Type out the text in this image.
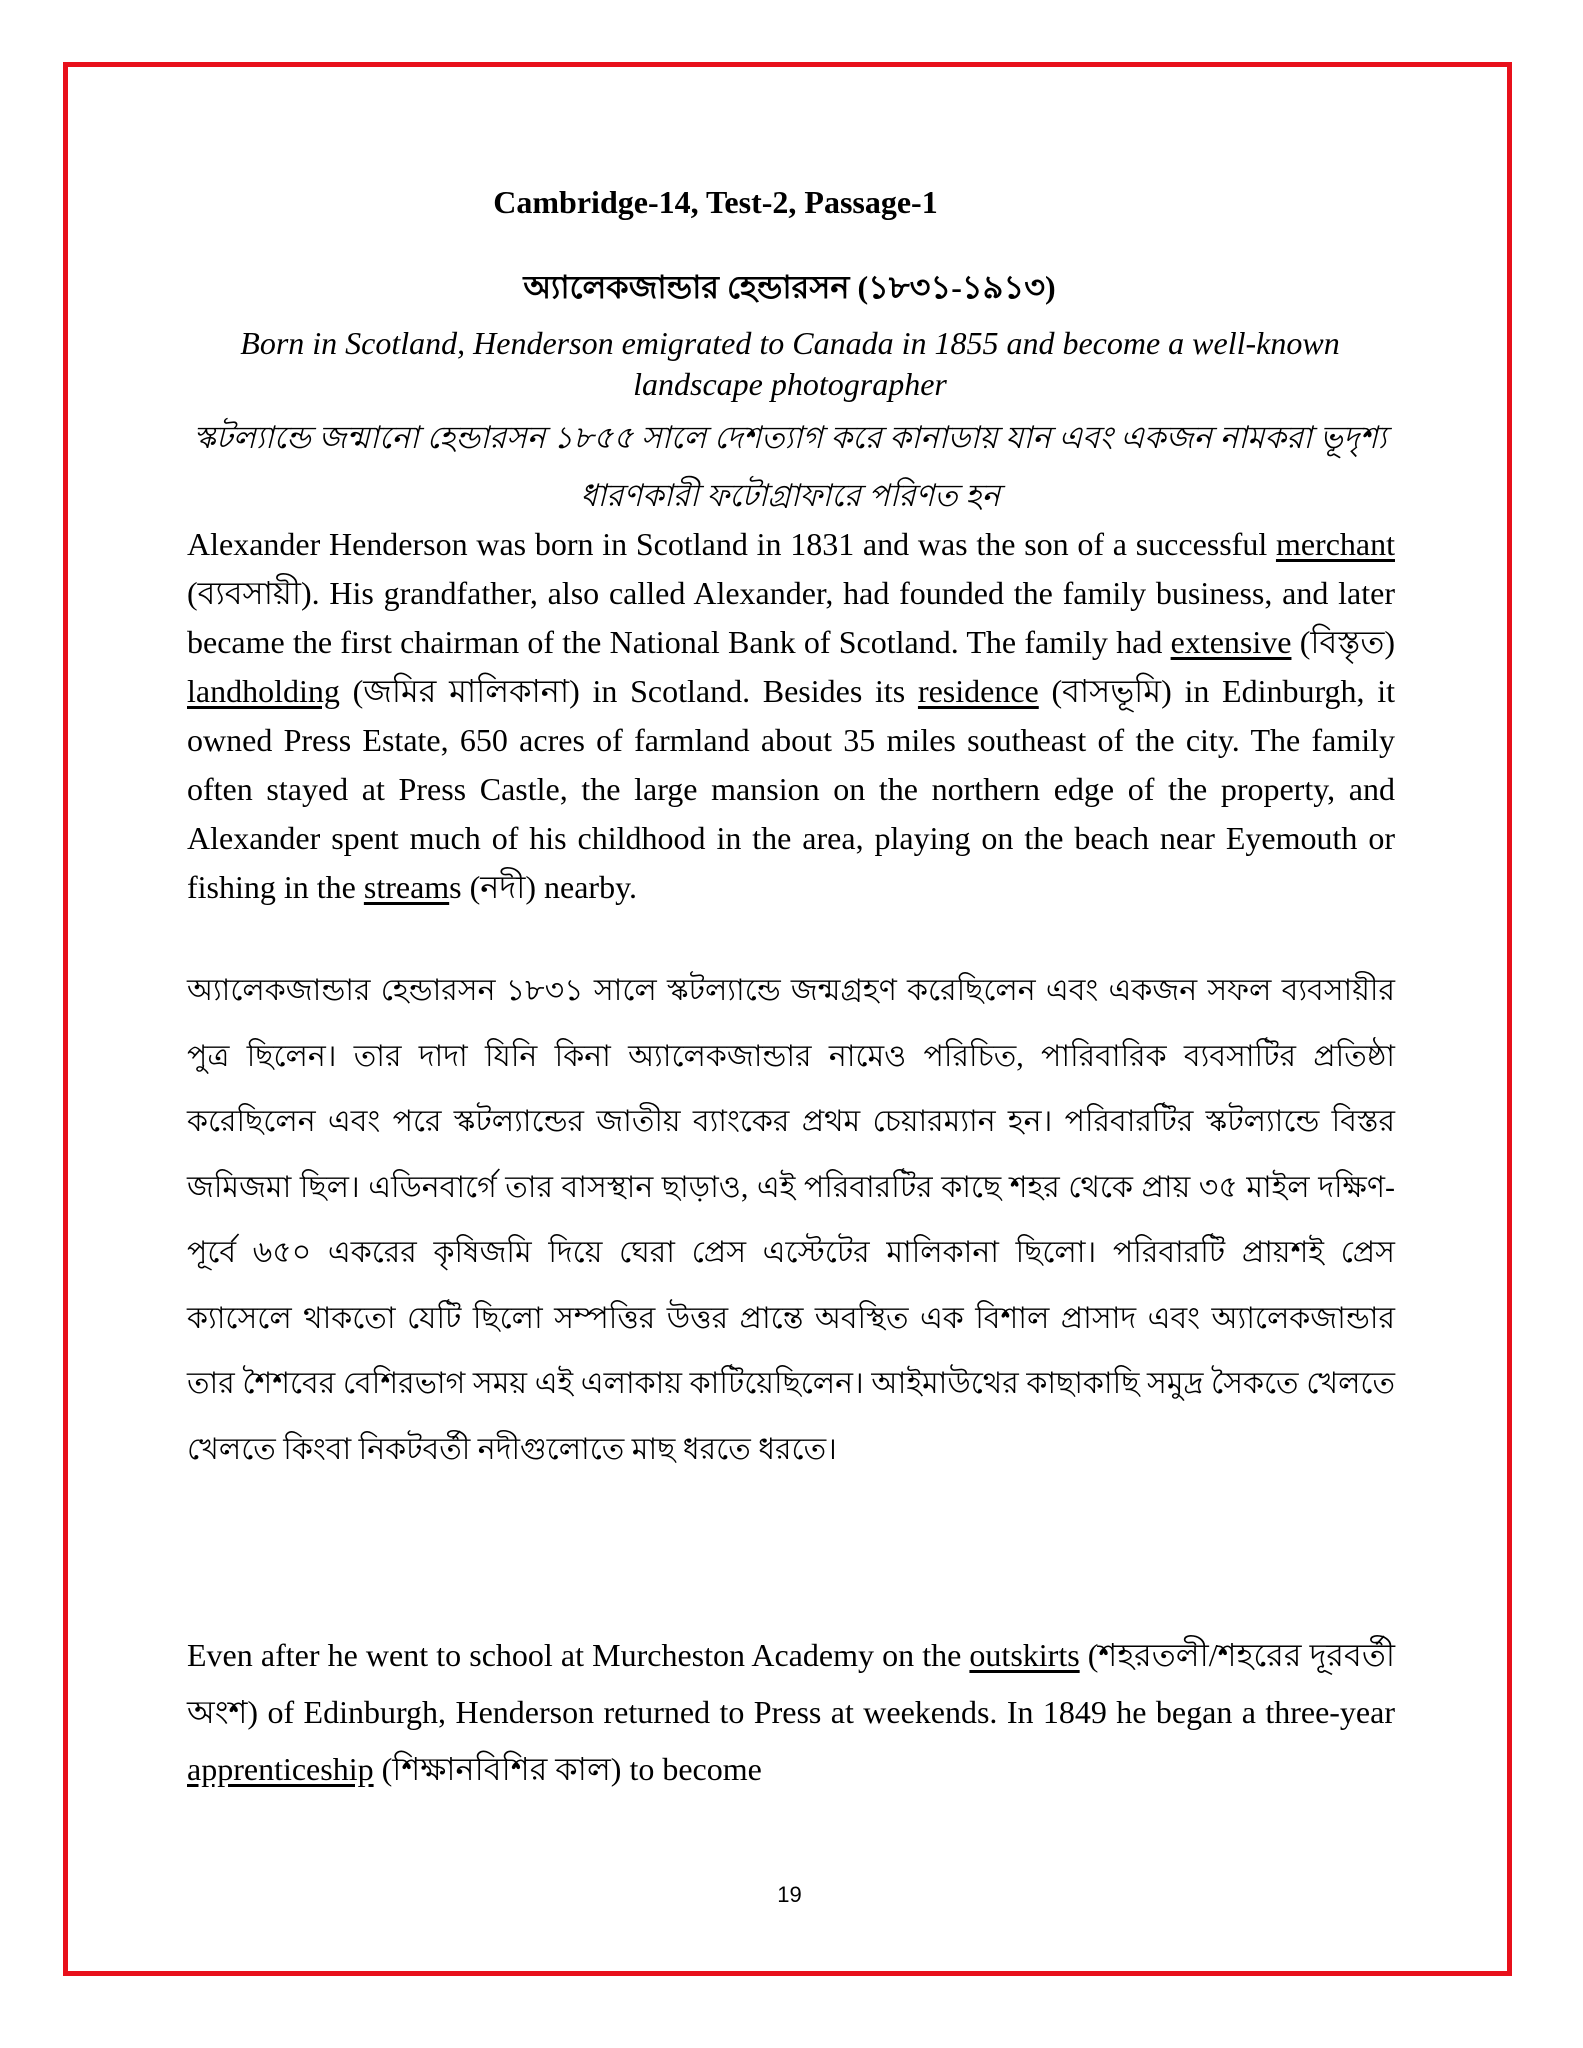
Cambridge-14, Test-2, Passage-1
অ্যালেকজান্ডার হেন্ডারসন (১৮৩১-১৯১৩)
Born in Scotland, Henderson emigrated to Canada in 1855 and become a well-known landscape photographer
স্কটল্যান্ডে জন্মানো হেন্ডারসন ১৮৫৫ সালে দেশত্যাগ করে কানাডায় যান এবং একজন নামকরা ভূদৃশ্য ধারণকারী ফটোগ্রাফারে পরিণত হন
Alexander Henderson was born in Scotland in 1831 and was the son of a successful merchant (ব্যবসায়ী). His grandfather, also called Alexander, had founded the family business, and later became the first chairman of the National Bank of Scotland. The family had extensive (বিস্তৃত) landholding (জমির মালিকানা) in Scotland. Besides its residence (বাসভূমি) in Edinburgh, it owned Press Estate, 650 acres of farmland about 35 miles southeast of the city. The family often stayed at Press Castle, the large mansion on the northern edge of the property, and Alexander spent much of his childhood in the area, playing on the beach near Eyemouth or fishing in the streams (নদী) nearby.
অ্যালেকজান্ডার হেন্ডারসন ১৮৩১ সালে স্কটল্যান্ডে জন্মগ্রহণ করেছিলেন এবং একজন সফল ব্যবসায়ীর পুত্র ছিলেন। তার দাদা যিনি কিনা অ্যালেকজান্ডার নামেও পরিচিত, পারিবারিক ব্যবসাটির প্রতিষ্ঠা করেছিলেন এবং পরে স্কটল্যান্ডের জাতীয় ব্যাংকের প্রথম চেয়ারম্যান হন। পরিবারটির স্কটল্যান্ডে বিস্তর জমিজমা ছিল। এডিনবার্গে তার বাসস্থান ছাড়াও, এই পরিবারটির কাছে শহর থেকে প্রায় ৩৫ মাইল দক্ষিণ-পূর্বে ৬৫০ একরের কৃষিজমি দিয়ে ঘেরা প্রেস এস্টেটের মালিকানা ছিলো। পরিবারটি প্রায়শই প্রেস ক্যাসেলে থাকতো যেটি ছিলো সম্পত্তির উত্তর প্রান্তে অবস্থিত এক বিশাল প্রাসাদ এবং অ্যালেকজান্ডার তার শৈশবের বেশিরভাগ সময় এই এলাকায় কাটিয়েছিলেন। আইমাউথের কাছাকাছি সমুদ্র সৈকতে খেলতে খেলতে কিংবা নিকটবর্তী নদীগুলোতে মাছ ধরতে ধরতে।
Even after he went to school at Murcheston Academy on the outskirts (শহরতলী/শহরের দূরবর্তী অংশ) of Edinburgh, Henderson returned to Press at weekends. In 1849 he began a three-year apprenticeship (শিক্ষানবিশির কাল) to become
19
